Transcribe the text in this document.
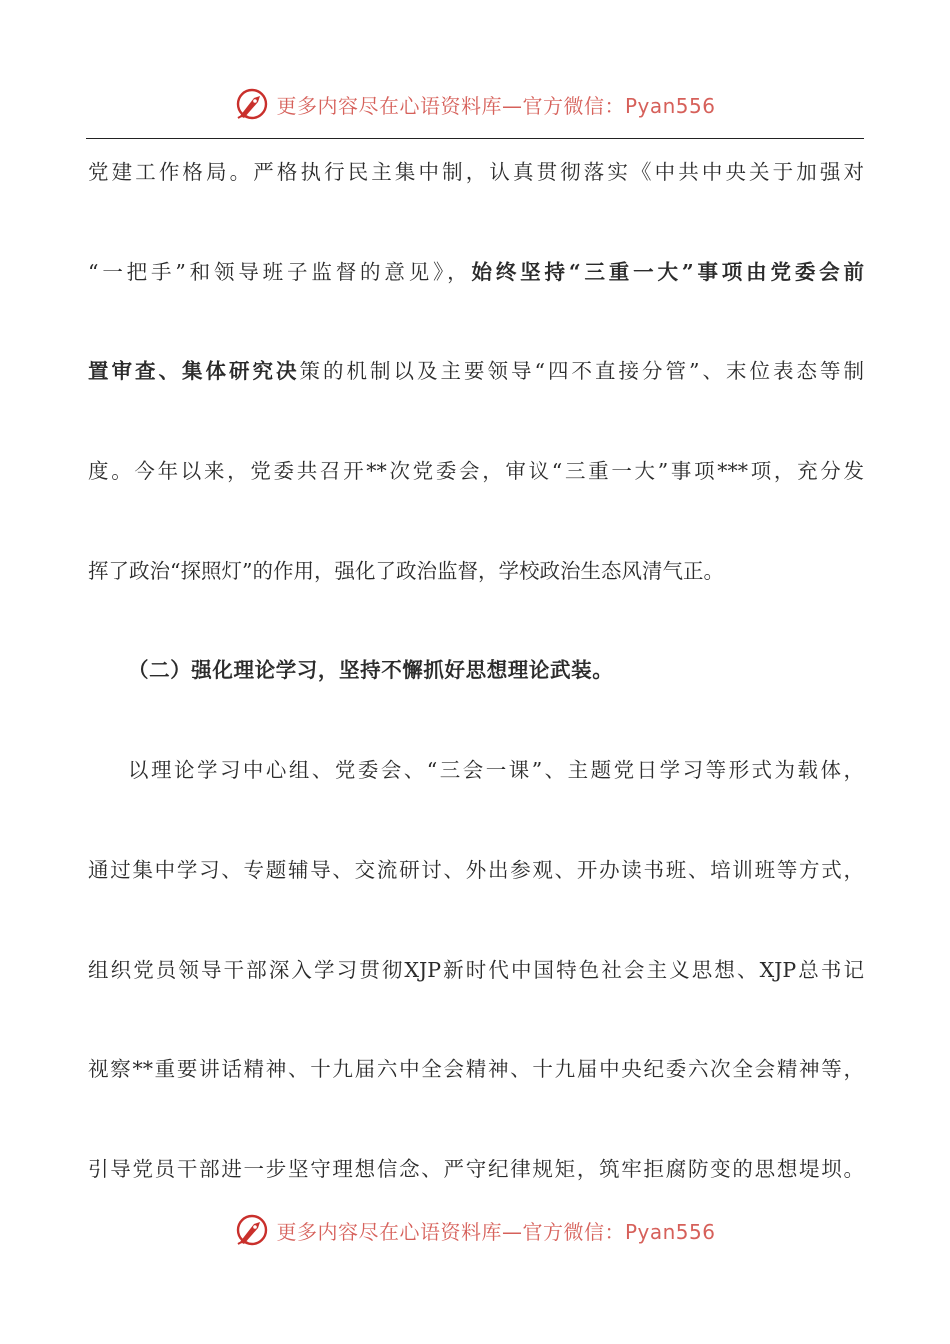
更多内容尽在心语资料库—官方微信：Pyan556
党建工作格局。严格执行民主集中制，认真贯彻落实《中共中央关于加强对
“一把手”和领导班子监督的意见》，始终坚持“三重一大”事项由党委会前
置审查、集体研究决策的机制以及主要领导“四不直接分管”、末位表态等制
度。今年以来，党委共召开**次党委会，审议“三重一大”事项***项，充分发
挥了政治“探照灯”的作用，强化了政治监督，学校政治生态风清气正。
（二）强化理论学习，坚持不懈抓好思想理论武装。
以理论学习中心组、党委会、“三会一课”、主题党日学习等形式为载体，
通过集中学习、专题辅导、交流研讨、外出参观、开办读书班、培训班等方式，
组织党员领导干部深入学习贯彻XJP新时代中国特色社会主义思想、XJP总书记
视察**重要讲话精神、十九届六中全会精神、十九届中央纪委六次全会精神等，
引导党员干部进一步坚守理想信念、严守纪律规矩，筑牢拒腐防变的思想堤坝。
更多内容尽在心语资料库—官方微信：Pyan556
